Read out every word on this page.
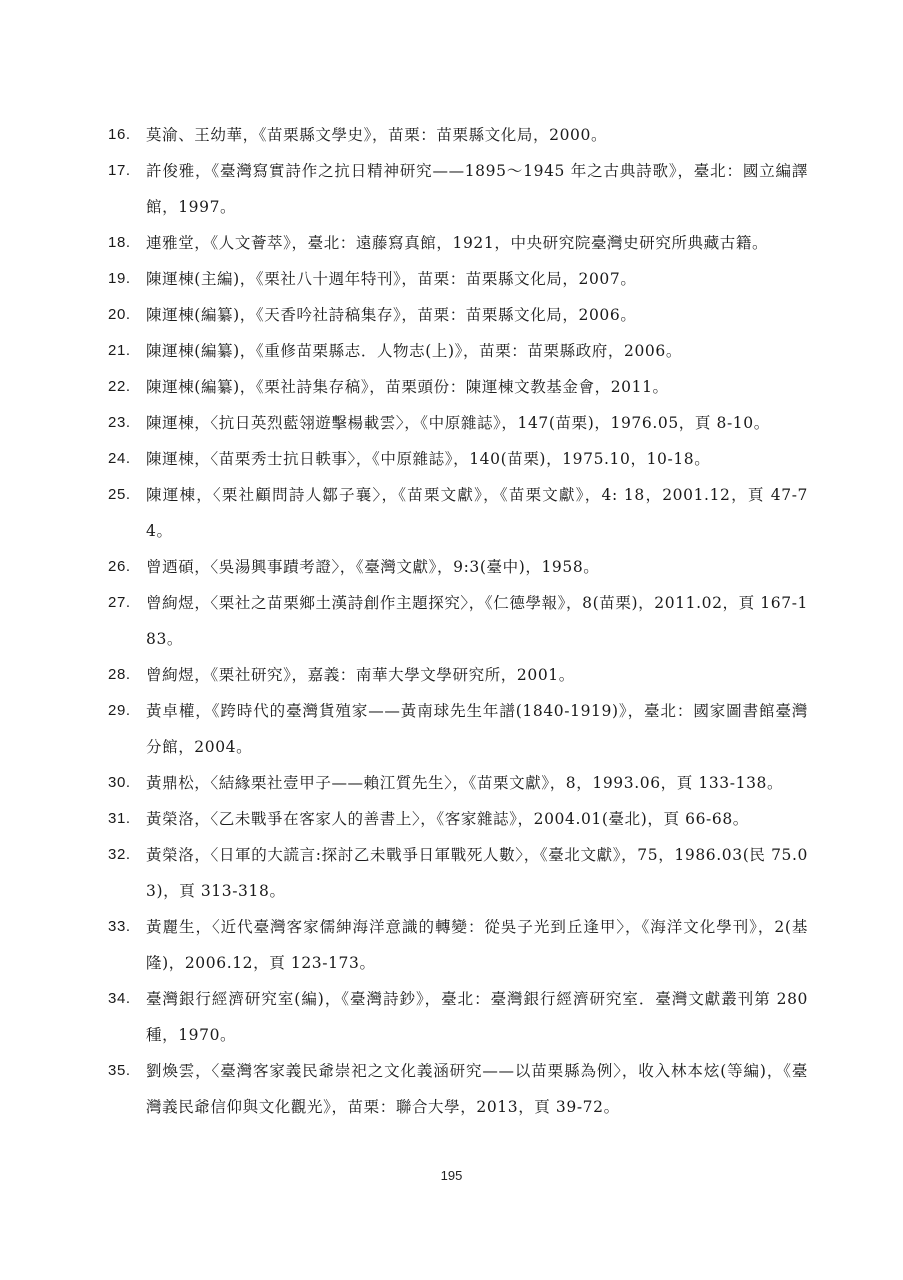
16. 莫渝、王幼華，《苗栗縣文學史》，苗栗：苗栗縣文化局，2000。
17. 許俊雅，《臺灣寫實詩作之抗日精神研究——1895～1945 年之古典詩歌》，臺北：國立編譯館，1997。
18. 連雅堂，《人文薈萃》，臺北：遠藤寫真館，1921，中央研究院臺灣史研究所典藏古籍。
19. 陳運棟(主編)，《栗社八十週年特刊》，苗栗：苗栗縣文化局，2007。
20. 陳運棟(編纂)，《天香吟社詩稿集存》，苗栗：苗栗縣文化局，2006。
21. 陳運棟(編纂)，《重修苗栗縣志．人物志(上)》，苗栗：苗栗縣政府，2006。
22. 陳運棟(編纂)，《栗社詩集存稿》，苗栗頭份：陳運棟文教基金會，2011。
23. 陳運棟，〈抗日英烈藍翎遊擊楊載雲〉，《中原雜誌》，147(苗栗)，1976.05，頁 8-10。
24. 陳運棟，〈苗栗秀士抗日軼事〉，《中原雜誌》，140(苗栗)，1975.10，10-18。
25. 陳運棟，〈栗社顧問詩人鄒子襄〉，《苗栗文獻》，《苗栗文獻》，4: 18，2001.12，頁 47-74。
26. 曾迺碩，〈吳湯興事蹟考證〉，《臺灣文獻》，9:3(臺中)，1958。
27. 曾絢煜，〈栗社之苗栗鄉土漢詩創作主題探究〉，《仁德學報》，8(苗栗)，2011.02，頁 167-183。
28. 曾絢煜，《栗社研究》，嘉義：南華大學文學研究所，2001。
29. 黃卓權，《跨時代的臺灣貨殖家——黃南球先生年譜(1840-1919)》，臺北：國家圖書館臺灣分館，2004。
30. 黃鼎松，〈結緣栗社壹甲子——賴江質先生〉，《苗栗文獻》，8，1993.06，頁 133-138。
31. 黃榮洛，〈乙未戰爭在客家人的善書上〉，《客家雜誌》，2004.01(臺北)，頁 66-68。
32. 黃榮洛，〈日軍的大謊言:探討乙未戰爭日軍戰死人數〉，《臺北文獻》，75，1986.03(民 75.03)，頁 313-318。
33. 黃麗生，〈近代臺灣客家儒紳海洋意識的轉變：從吳子光到丘逢甲〉，《海洋文化學刊》，2(基隆)，2006.12，頁 123-173。
34. 臺灣銀行經濟研究室(編)，《臺灣詩鈔》，臺北：臺灣銀行經濟研究室．臺灣文獻叢刊第 280 種，1970。
35. 劉煥雲，〈臺灣客家義民爺崇祀之文化義涵研究——以苗栗縣為例〉，收入林本炫(等編)，《臺灣義民爺信仰與文化觀光》，苗栗：聯合大學，2013，頁 39-72。
195
